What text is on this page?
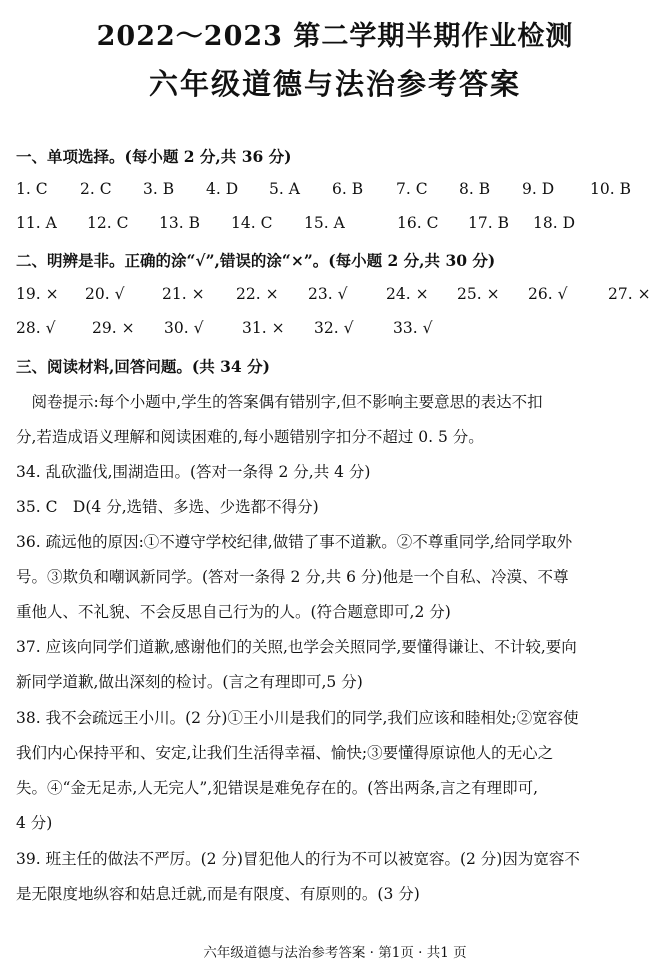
2022～2023 第二学期半期作业检测
六年级道德与法治参考答案
一、单项选择。(每小题 2 分,共 36 分)
1. C 2. C 3. B 4. D 5. A 6. B 7. C 8. B 9. D 10. B
11. A 12. C 13. B 14. C 15. A	16. C 17. B 18. D
二、明辨是非。正确的涂“√”,错误的涂“×”。(每小题 2 分,共 30 分)
19. × 20. √ 21. × 22. × 23. √ 24. × 25. × 26. √	27. ×
28. √ 29. × 30. √ 31. × 32. √	33. √
三、阅读材料,回答问题。(共 34 分)

　阅卷提示:每个小题中,学生的答案偶有错别字,但不影响主要意思的表达不扣

分,若造成语义理解和阅读困难的,每小题错别字扣分不超过 0. 5 分。

34. 乱砍滥伐,围湖造田。(答对一条得 2 分,共 4 分)

35. C　D(4 分,选错、多选、少选都不得分)

36. 疏远他的原因:①不遵守学校纪律,做错了事不道歉。②不尊重同学,给同学取外

号。③欺负和嘲讽新同学。(答对一条得 2 分,共 6 分)他是一个自私、冷漠、不尊

重他人、不礼貌、不会反思自己行为的人。(符合题意即可,2 分)

37. 应该向同学们道歉,感谢他们的关照,也学会关照同学,要懂得谦让、不计较,要向

新同学道歉,做出深刻的检讨。(言之有理即可,5 分)

38. 我不会疏远王小川。(2 分)①王小川是我们的同学,我们应该和睦相处;②宽容使

我们内心保持平和、安定,让我们生活得幸福、愉快;③要懂得原谅他人的无心之

失。④“金无足赤,人无完人”,犯错误是难免存在的。(答出两条,言之有理即可,

4 分)

39. 班主任的做法不严厉。(2 分)冒犯他人的行为不可以被宽容。(2 分)因为宽容不

是无限度地纵容和姑息迁就,而是有限度、有原则的。(3 分)

六年级道德与法治参考答案 · 第1页 · 共1 页
